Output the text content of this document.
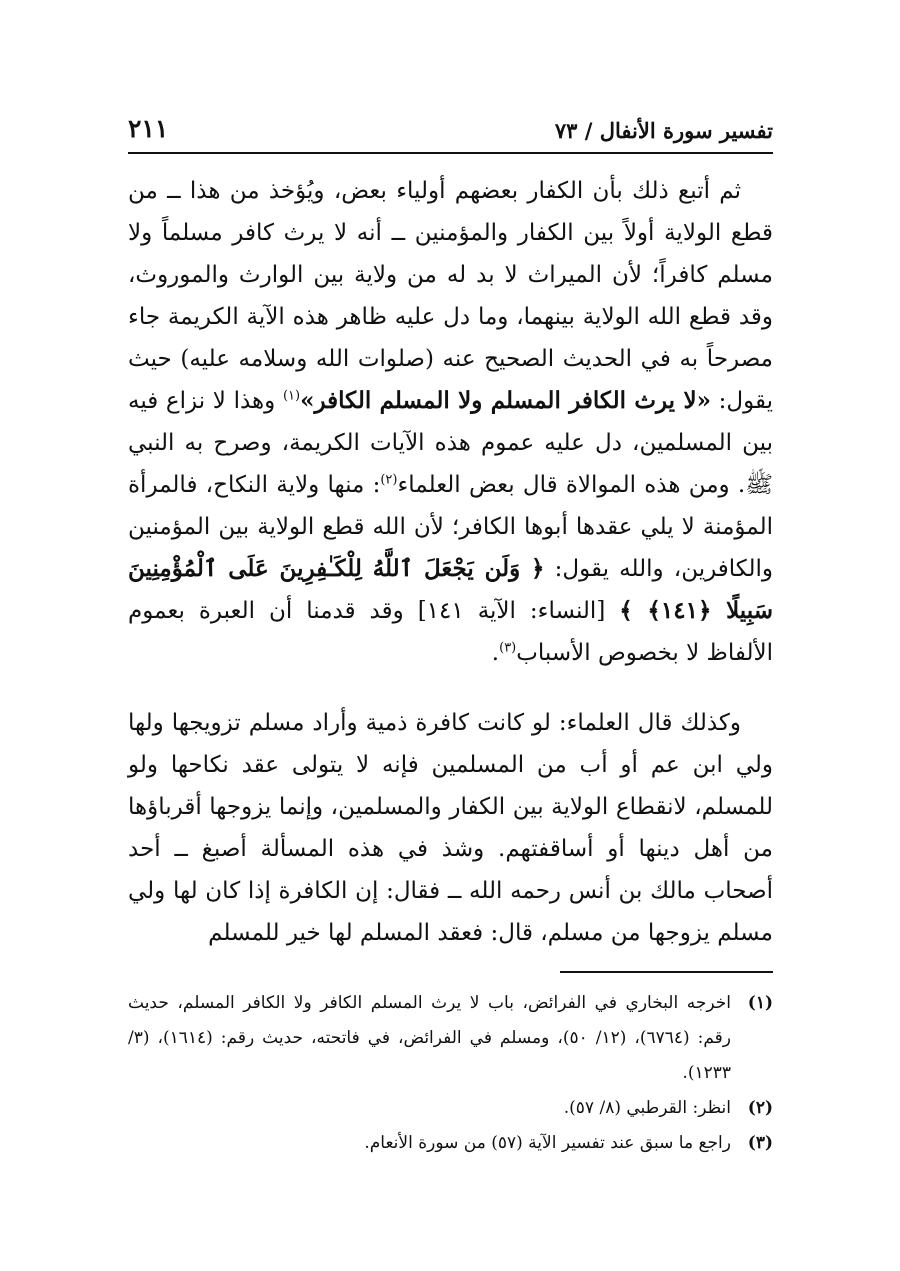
تفسير سورة الأنفال / ٧٣
٢١١

ثم أتبع ذلك بأن الكفار بعضهم أولياء بعض، ويُؤخذ من هذا ــ من قطع الولاية أولاً بين الكفار والمؤمنين ــ أنه لا يرث كافر مسلماً ولا مسلم كافراً؛ لأن الميراث لا بد له من ولاية بين الوارث والموروث، وقد قطع الله الولاية بينهما، وما دل عليه ظاهر هذه الآية الكريمة جاء مصرحاً به في الحديث الصحيح عنه (صلوات الله وسلامه عليه) حيث يقول: «لا يرث الكافر المسلم ولا المسلم الكافر»$^{(١)}$ وهذا لا نزاع فيه بين المسلمين، دل عليه عموم هذه الآيات الكريمة، وصرح به النبي ﷺ. ومن هذه الموالاة قال بعض العلماء$^{(٢)}$: منها ولاية النكاح، فالمرأة المؤمنة لا يلي عقدها أبوها الكافر؛ لأن الله قطع الولاية بين المؤمنين والكافرين، والله يقول: ﴿ وَلَن يَجْعَلَ ٱللَّهُ لِلْكَـٰفِرِينَ عَلَى ٱلْمُؤْمِنِينَ سَبِيلًا ﴿١٤١﴾ ﴾ [النساء: الآية ١٤١] وقد قدمنا أن العبرة بعموم الألفاظ لا بخصوص الأسباب$^{(٣)}$.

وكذلك قال العلماء: لو كانت كافرة ذمية وأراد مسلم تزويجها ولها ولي ابن عم أو أب من المسلمين فإنه لا يتولى عقد نكاحها ولو للمسلم، لانقطاع الولاية بين الكفار والمسلمين، وإنما يزوجها أقرباؤها من أهل دينها أو أساقفتهم. وشذ في هذه المسألة أصبغ ــ أحد أصحاب مالك بن أنس رحمه الله ــ فقال: إن الكافرة إذا كان لها ولي مسلم يزوجها من مسلم، قال: فعقد المسلم لها خير للمسلم

(١)
اخرجه البخاري في الفرائض، باب لا يرث المسلم الكافر ولا الكافر المسلم، حديث رقم: (٦٧٦٤)، (١٢/ ٥٠)، ومسلم في الفرائض، في فاتحته، حديث رقم: (١٦١٤)، (٣/ ١٢٣٣).
(٢)
انظر: القرطبي (٨/ ٥٧).
(٣)
راجع ما سبق عند تفسير الآية (٥٧) من سورة الأنعام.
